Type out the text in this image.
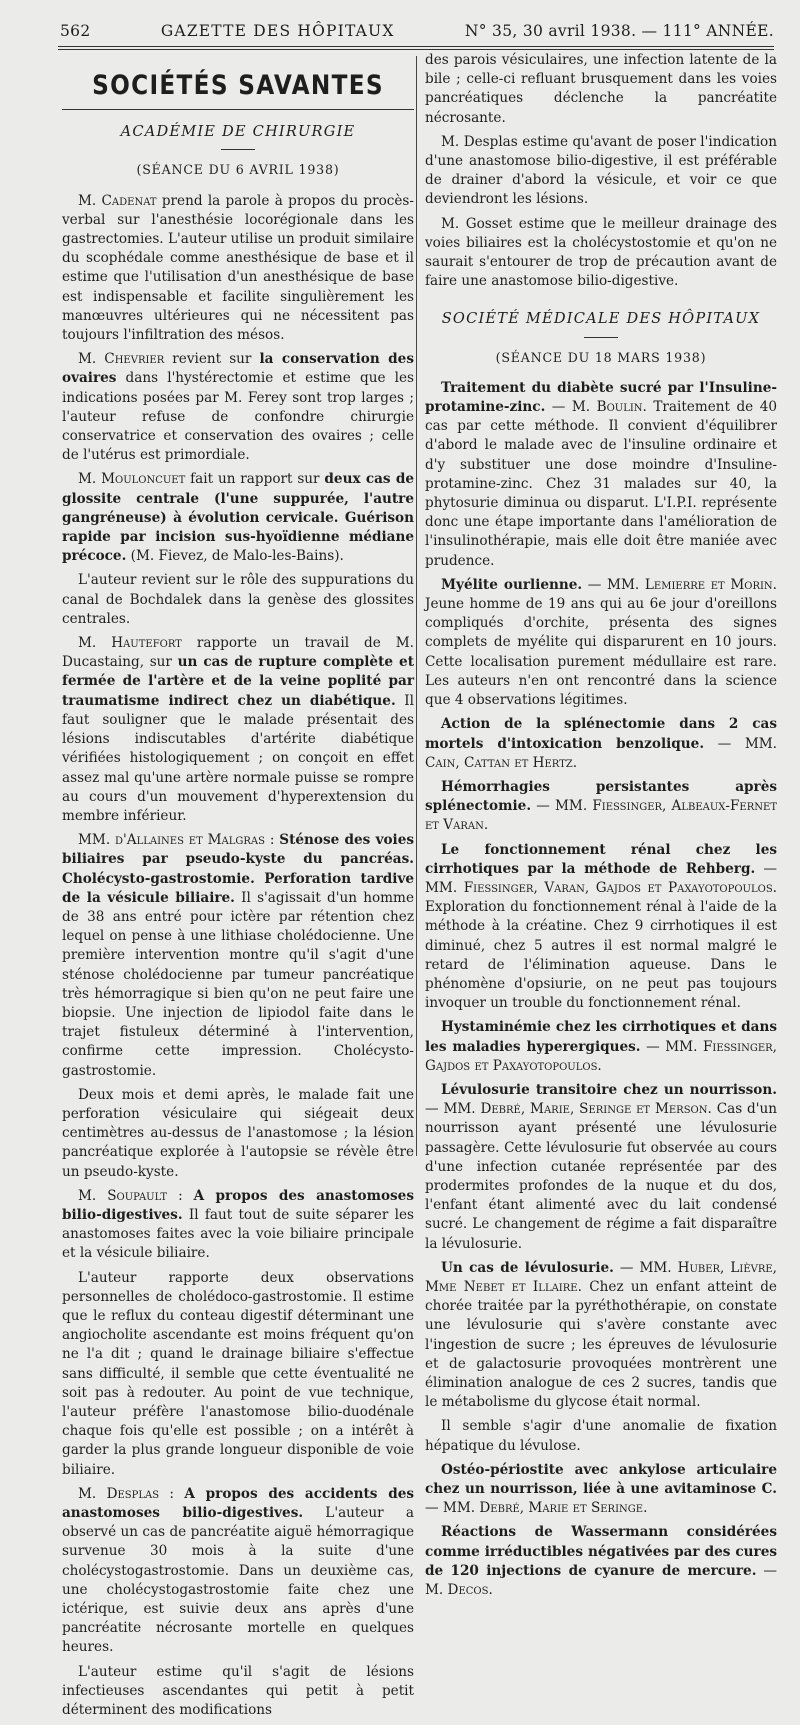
562	GAZETTE DES HÔPITAUX	N° 35, 30 avril 1938. — 111° ANNÉE.
SOCIÉTÉS SAVANTES
ACADÉMIE DE CHIRURGIE
(SÉANCE DU 6 AVRIL 1938)

M. Cadenat prend la parole à propos du procès-verbal sur l'anesthésie locorégionale dans les gastrectomies. L'auteur utilise un produit similaire du scophédale comme anesthésique de base et il estime que l'utilisation d'un anesthésique de base est indispensable et facilite singulièrement les manœuvres ultérieures qui ne nécessitent pas toujours l'infiltration des mésos.

M. Chevrier revient sur la conservation des ovaires dans l'hystérectomie et estime que les indications posées par M. Ferey sont trop larges ; l'auteur refuse de confondre chirurgie conservatrice et conservation des ovaires ; celle de l'utérus est primordiale.

M. Mouloncuet fait un rapport sur deux cas de glossite centrale (l'une suppurée, l'autre gangréneuse) à évolution cervicale. Guérison rapide par incision sus-hyoïdienne médiane précoce. (M. Fievez, de Malo-les-Bains).

L'auteur revient sur le rôle des suppurations du canal de Bochdalek dans la genèse des glossites centrales.

M. Hautefort rapporte un travail de M. Ducastaing, sur un cas de rupture complète et fermée de l'artère et de la veine poplité par traumatisme indirect chez un diabétique. Il faut souligner que le malade présentait des lésions indiscutables d'artérite diabétique vérifiées histologiquement ; on conçoit en effet assez mal qu'une artère normale puisse se rompre au cours d'un mouvement d'hyperextension du membre inférieur.

MM. d'Allaines et Malgras : Sténose des voies biliaires par pseudo-kyste du pancréas. Cholécysto-gastrostomie. Perforation tardive de la vésicule biliaire. Il s'agissait d'un homme de 38 ans entré pour ictère par rétention chez lequel on pense à une lithiase cholédocienne. Une première intervention montre qu'il s'agit d'une sténose cholédocienne par tumeur pancréatique très hémorragique si bien qu'on ne peut faire une biopsie. Une injection de lipiodol faite dans le trajet fistuleux déterminé à l'intervention, confirme cette impression. Cholécysto-gastrostomie.

Deux mois et demi après, le malade fait une perforation vésiculaire qui siégeait deux centimètres au-dessus de l'anastomose ; la lésion pancréatique explorée à l'autopsie se révèle être un pseudo-kyste.

M. Soupault : A propos des anastomoses bilio-digestives. Il faut tout de suite séparer les anastomoses faites avec la voie biliaire principale et la vésicule biliaire.

L'auteur rapporte deux observations personnelles de cholédoco-gastrostomie. Il estime que le reflux du conteau digestif déterminant une angiocholite ascendante est moins fréquent qu'on ne l'a dit ; quand le drainage biliaire s'effectue sans difficulté, il semble que cette éventualité ne soit pas à redouter. Au point de vue technique, l'auteur préfère l'anastomose bilio-duodénale chaque fois qu'elle est possible ; on a intérêt à garder la plus grande longueur disponible de voie biliaire.

M. Desplas : A propos des accidents des anastomoses bilio-digestives. L'auteur a observé un cas de pancréatite aiguë hémorragique survenue 30 mois à la suite d'une cholécystogastrostomie. Dans un deuxième cas, une cholécystogastrostomie faite chez une ictérique, est suivie deux ans après d'une pancréatite nécrosante mortelle en quelques heures.

L'auteur estime qu'il s'agit de lésions infectieuses ascendantes qui petit à petit déterminent des modifications

des parois vésiculaires, une infection latente de la bile ; celle-ci refluant brusquement dans les voies pancréatiques déclenche la pancréatite nécrosante.

M. Desplas estime qu'avant de poser l'indication d'une anastomose bilio-digestive, il est préférable de drainer d'abord la vésicule, et voir ce que deviendront les lésions.

M. Gosset estime que le meilleur drainage des voies biliaires est la cholécystostomie et qu'on ne saurait s'entourer de trop de précaution avant de faire une anastomose bilio-digestive.

SOCIÉTÉ MÉDICALE DES HÔPITAUX
(SÉANCE DU 18 MARS 1938)

Traitement du diabète sucré par l'Insuline-protamine-zinc. — M. Boulin. Traitement de 40 cas par cette méthode. Il convient d'équilibrer d'abord le malade avec de l'insuline ordinaire et d'y substituer une dose moindre d'Insuline-protamine-zinc. Chez 31 malades sur 40, la phytosurie diminua ou disparut. L'I.P.I. représente donc une étape importante dans l'amélioration de l'insulinothérapie, mais elle doit être maniée avec prudence.

Myélite ourlienne. — MM. Lemierre et Morin. Jeune homme de 19 ans qui au 6e jour d'oreillons compliqués d'orchite, présenta des signes complets de myélite qui disparurent en 10 jours. Cette localisation purement médullaire est rare. Les auteurs n'en ont rencontré dans la science que 4 observations légitimes.

Action de la splénectomie dans 2 cas mortels d'intoxication benzolique. — MM. Cain, Cattan et Hertz.

Hémorrhagies persistantes après splénectomie. — MM. Fiessinger, Albeaux-Fernet et Varan.

Le fonctionnement rénal chez les cirrhotiques par la méthode de Rehberg. — MM. Fiessinger, Varan, Gajdos et Paxayotopoulos. Exploration du fonctionnement rénal à l'aide de la méthode à la créatine. Chez 9 cirrhotiques il est diminué, chez 5 autres il est normal malgré le retard de l'élimination aqueuse. Dans le phénomène d'opsiurie, on ne peut pas toujours invoquer un trouble du fonctionnement rénal.

Hystaminémie chez les cirrhotiques et dans les maladies hyperergiques. — MM. Fiessinger, Gajdos et Paxayotopoulos.

Lévulosurie transitoire chez un nourrisson. — MM. Debré, Marie, Seringe et Merson. Cas d'un nourrisson ayant présenté une lévulosurie passagère. Cette lévulosurie fut observée au cours d'une infection cutanée représentée par des prodermites profondes de la nuque et du dos, l'enfant étant alimenté avec du lait condensé sucré. Le changement de régime a fait disparaître la lévulosurie.

Un cas de lévulosurie. — MM. Huber, Lièvre, Mme Nebet et Illaire. Chez un enfant atteint de chorée traitée par la pyréthothérapie, on constate une lévulosurie qui s'avère constante avec l'ingestion de sucre ; les épreuves de lévulosurie et de galactosurie provoquées montrèrent une élimination analogue de ces 2 sucres, tandis que le métabolisme du glycose était normal.

Il semble s'agir d'une anomalie de fixation hépatique du lévulose.

Ostéo-périostite avec ankylose articulaire chez un nourrisson, liée à une avitaminose C. — MM. Debré, Marie et Seringe.

Réactions de Wassermann considérées comme irréductibles négativées par des cures de 120 injections de cyanure de mercure. — M. Decos.
